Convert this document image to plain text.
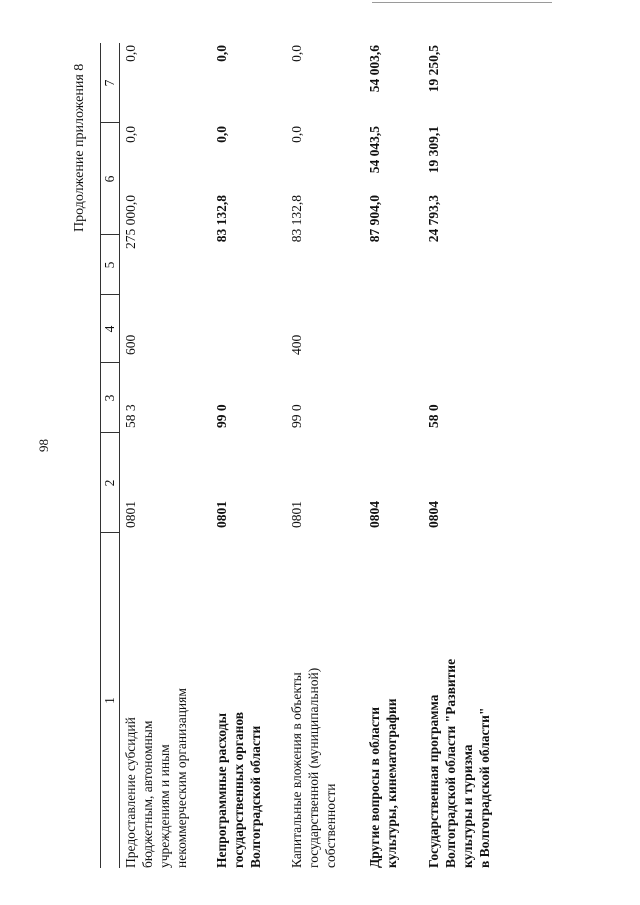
98
Продолжение приложения 8
1
2
3
4
5
6
7
Предоставление субсидий бюджетным, автономным учреждениям и иным некоммерческим организациям
0801
58 3
600
275 000,0
0,0
0,0
Непрограммные расходы государственных органов Волгоградской области
0801
99 0
83 132,8
0,0
0,0
Капитальные вложения в объекты государственной (муниципальной) собственности
0801
99 0
400
83 132,8
0,0
0,0
Другие вопросы в области культуры, кинематографии
0804
87 904,0
54 043,5
54 003,6
Государственная программа Волгоградской области "Развитие культуры и туризма в Волгоградской области"
0804
58 0
24 793,3
19 309,1
19 250,5
